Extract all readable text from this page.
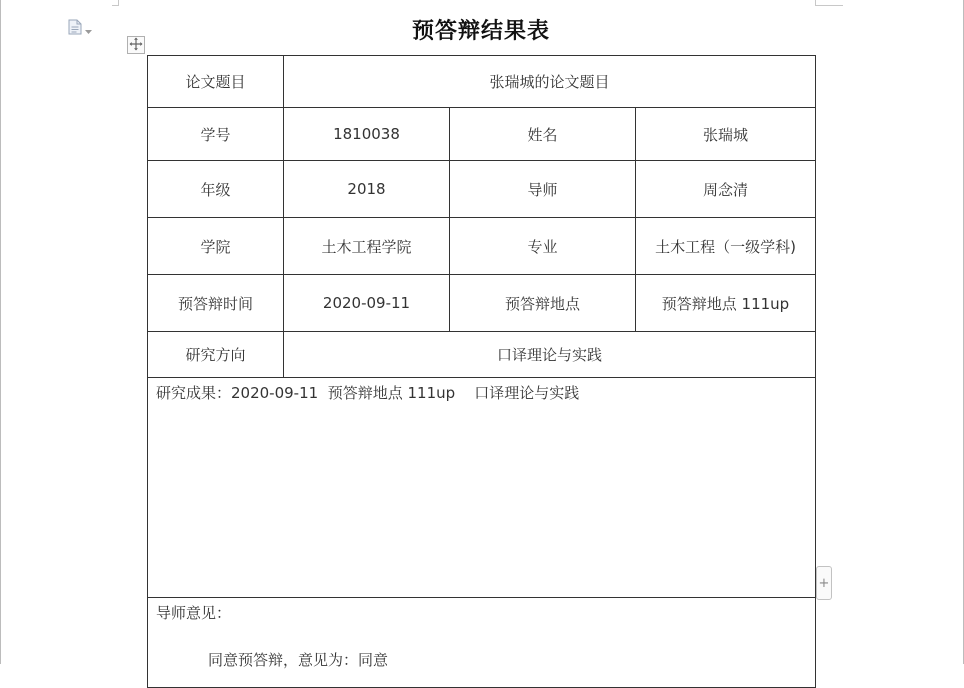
预答辩结果表
论文题目	张瑞城的论文题目		
学号	1810038	姓名	张瑞城
年级	2018	导师	周念清
学院	土木工程学院	专业	土木工程（一级学科)
预答辩时间	2020-09-11	预答辩地点	预答辩地点 111up
研究方向	口译理论与实践		

研究成果：2020-09-11  预答辩地点 111up    口译理论与实践			

导师意见：
同意预答辩，意见为：同意			
+
